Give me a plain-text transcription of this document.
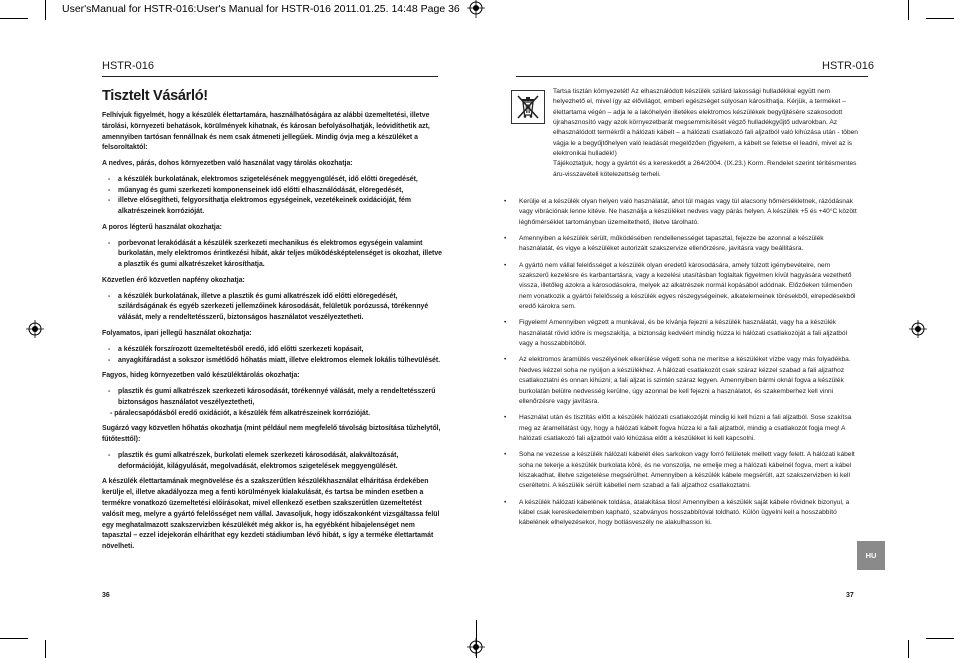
User'sManual for HSTR-016:User's Manual for HSTR-016 2011.01.25. 14:48 Page 36
HSTR-016
Tisztelt Vásárló!

Felhívjuk figyelmét, hogy a készülék élettartamára, használhatóságára az alábbi üzemeltetési, illetve tárolási, környezeti behatások, körülmények kihatnak, és károsan befolyásolhatják, leóvidíthetik azt, amennyiben tartósan fennállnak és nem csak átmeneti jellegűek. Mindig óvja meg a készüléket a felsoroltaktól:

A nedves, párás, dohos környezetben való használat vagy tárolás okozhatja:

- a készülék burkolatának, elektromos szigetelésének meggyengülését, idő előtti öregedését,
- műanyag és gumi szerkezeti komponenseinek idő előtti elhasználódását, elöregedését,
- illetve elősegítheti, felgyorsíthatja elektromos egységeinek, vezetékeinek oxidációját, fém alkatrészeinek korrózióját.

A poros légterű használat okozhatja:

- porbevonat lerakódását a készülék szerkezeti mechanikus és elektromos egységein valamint burkolatán, mely elektromos érintkezési hibát, akár teljes működésképtelenséget is okozhat, illetve a plasztik és gumi alkatrészeket károsíthatja.

Közvetlen érő közvetlen napfény okozhatja:

- a készülék burkolatának, illetve a plasztik és gumi alkatrészek idő előtti elöregedését, szilárdságának és egyéb szerkezeti jellemzőinek károsodását, felületük porózussá, törékennyé válását, mely a rendeltetésszerű, biztonságos használatot veszélyeztetheti.

Folyamatos, ipari jellegű használat okozhatja:

- a készülék forszírozott üzemeltetésből eredő, idő előtti szerkezeti kopásait,
- anyagkifáradást a sokszor ismétlődő hőhatás miatt, illetve elektromos elemek lokális túlhevülését.

Fagyos, hideg környezetben való készüléktárolás okozhatja:

- plasztik és gumi alkatrészek szerkezeti károsodását, törékennyé válását, mely a rendeltetésszerű biztonságos használatot veszélyeztetheti,
- páralecsapódásból eredő oxidációt, a készülék fém alkatrészeinek korrózióját.

Sugárzó vagy közvetlen hőhatás okozhatja (mint például nem megfelelő távolság biztosítása tűzhelytől, fűtőtesttől):

- plasztik és gumi alkatrészek, burkolati elemek szerkezeti károsodását, alakváltozását, deformációját, kilágyulását, megolvadását, elektromos szigetelések meggyengülését.

A készülék élettartamának megnövelése és a szakszerűtlen készülékhasználat elhárítása érdekében kerülje el, illetve akadályozza meg a fenti körülmények kialakulását, és tartsa be minden esetben a termékre vonatkozó üzemeltetési előírásokat, mivel ellenkező esetben szakszerűtlen üzemeltetést valósít meg, melyre a gyártó felelősséget nem vállal. Javasoljuk, hogy időszakonként vizsgáltassa felül egy meghatalmazott szakszervizben készülékét még akkor is, ha egyébként hibajelenséget nem tapasztal – ezzel idejekorán elháríthat egy kezdeti stádiumban lévő hibát, s így a terméke élettartamát növelheti.

36
HSTR-016
Tartsa tisztán környezetét! Az elhasználódott készülék szilárd lakossági hulladékkal együtt nem helyezhető el, mivel így az élővilágot, emberi egészséget súlyosan károsíthatja. Kérjük, a terméket – élettartama végén – adja le a lakóhelyén illetékes elektromos készülékek begyűjtésére szakosodott újrahasznosító vagy azok környezetbarát megsemmisítését végző hulladékgyűjtő udvarokban. Az elhasználódott termékről a hálózati kábelt – a hálózati csatlakozó fali aljzatból való kihúzása után - töben vágja le a begyűjtőhelyen való leadását megelőzően (figyelem, a kábelt se feletse el leadni, mivel az is elektronikai hulladék!)
Tájékoztatjuk, hogy a gyártót és a kereskedőt a 264/2004. (IX.23.) Korm. Rendelet szerint térítésmentes áru-visszavételi kötelezettség terheli.
• Kerülje el a készülék olyan helyen való használatát, ahol túl magas vagy túl alacsony hőmérsékletnek, rázódásnak vagy vibrációnak lenne kitéve. Ne használja a készüléket nedves vagy párás helyen. A készülék +5 és +40°C között léghőmérséklet tartományban üzemeltethető, illetve tárolható.
• Amennyiben a készülék sérült, működésében rendellenességet tapasztal, fejezze be azonnal a készülék használatát, és vigye a készüléket autorizált szakszervize ellenőrzésre, javításra vagy beállításra.
• A gyártó nem vállal felelősséget a készülék olyan eredetű károsodására, amely túlzott igénybevételre, nem szakszerű kezelésre és karbantartásra, vagy a kezelési utasításban foglaltak figyelmen kívül hagyására vezethető vissza, illetőleg azokra a károsodásokra, melyek az alkatrészek normál kopásából adódnak. Előzőeken túlmenően nem vonatkozik a gyártói felelősség a készülék egyes részegységeinek, alkatelemeinek törésekből, elrepedésekből eredő károkra sem.
• Figyelem! Amennyiben végzett a munkával, és be kívánja fejezni a készülék használatát, vagy ha a készülék használatát rövid időre is megszakítja, a biztonság kedvéért mindig húzza ki hálózati csatlakozóját a fali aljzatból vagy a hosszabbítóból.
• Az elektromos áramütés veszélyének elkerülése végett soha ne merítse a készüléket vízbe vagy más folyadékba. Nedves kézzel soha ne nyúljon a készülékhez. A hálózati csatlakozót csak száraz kézzel szabad a fali aljzathoz csatlakoztatni és onnan kihúzni; a fali aljzat is szintén száraz legyen. Amennyiben bármi oknál fogva a készülék burkolatán belülre nedvesség kerülne, úgy azonnal be kell fejezni a használatot, és szakemberhez kell vinni ellenőrzésre vagy javításra.
• Használat után és tisztítás előtt a készülék hálózati csatlakozóját mindig ki kell húzni a fali aljzatból. Sose szakítsa meg az áramellátást úgy, hogy a hálózati kábelt fogva húzza ki a fali aljzatból, mindig a csatlakozót fogja meg! A hálózati csatlakozó fali aljzatból való kihúzása előtt a készüléket ki kell kapcsolni.
• Soha ne vezesse a készülék hálózati kábelét éles sarkokon vagy forró felületek mellett vagy felett. A hálózati kábelt soha ne tekerje a készülék burkolata köré, és ne vonszolja, ne emelje meg a hálózati kábelnél fogva, mert a kábel kiszakadhat, illetve szigetelése megsérülhet. Amennyiben a készülék kábele megsérült, azt szakszervizben ki kell cseréltetni. A készülék sérült kábellel nem szabad a fali aljzathoz csatlakoztatni.
• A készülék hálózati kábelének toldása, átalakítása tilos! Amennyiben a készülék saját kábele rövidnek bizonyul, a kábel csak kereskedelemben kapható, szabványos hosszabbítóval toldható. Külön ügyelni kell a hosszabbító kábelének elhelyezésekor, hogy botlásveszély ne alakulhasson ki.
HU
37
